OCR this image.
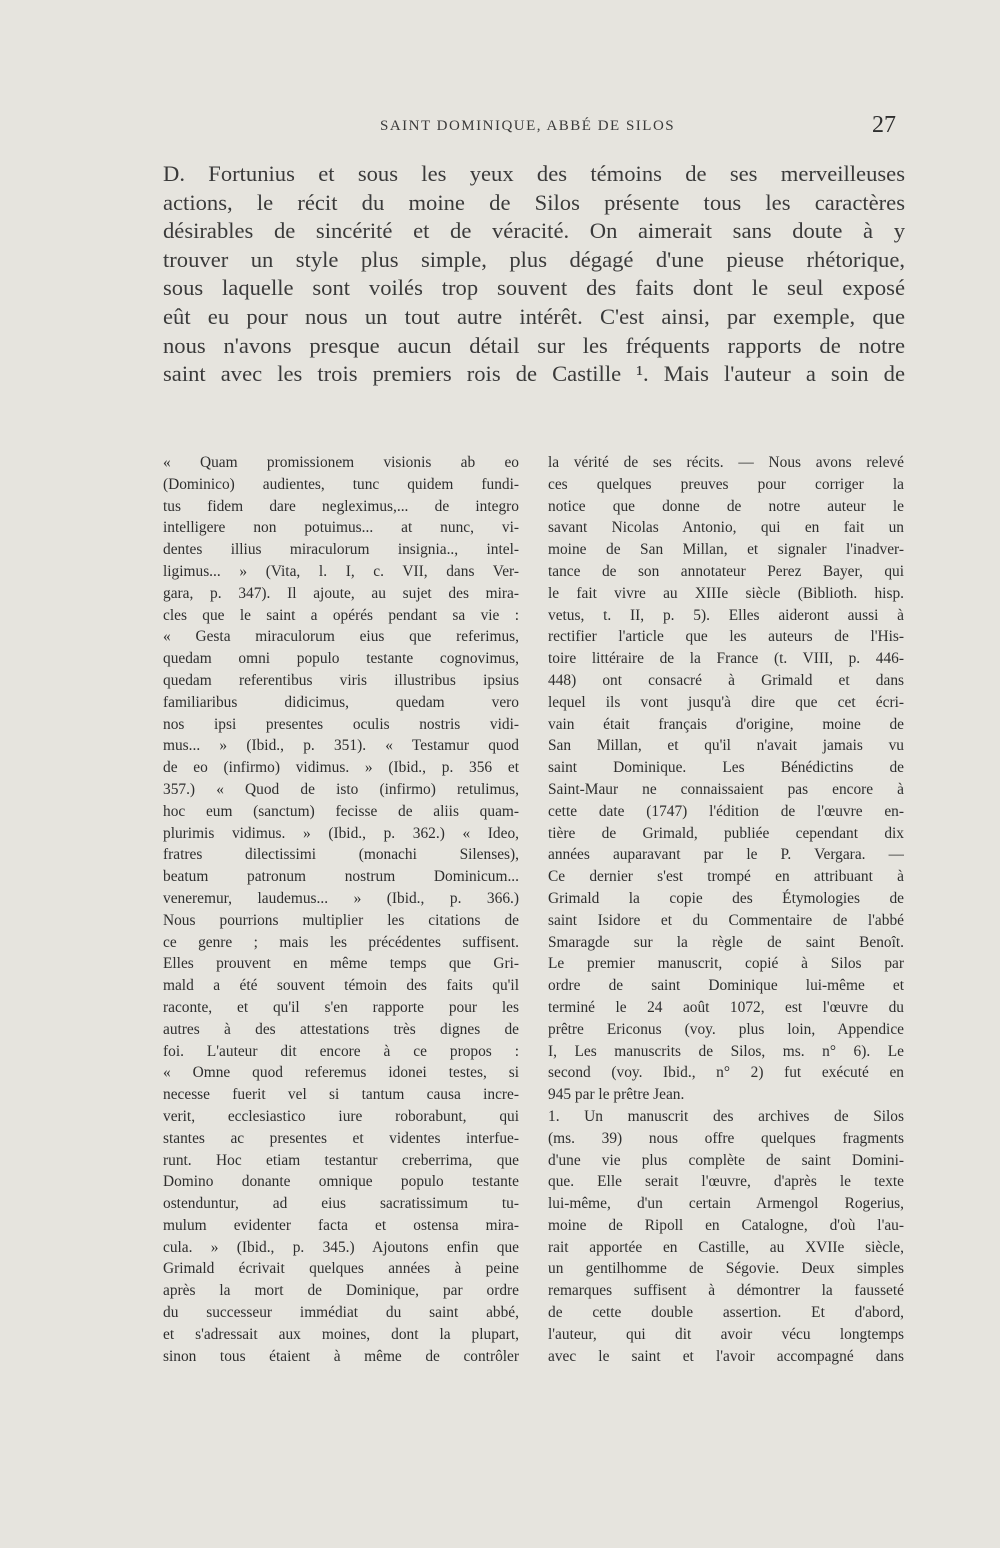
SAINT DOMINIQUE, ABBÉ DE SILOS	27
D. Fortunius et sous les yeux des témoins de ses merveilleuses
actions, le récit du moine de Silos présente tous les caractères
désirables de sincérité et de véracité. On aimerait sans doute à y
trouver un style plus simple, plus dégagé d'une pieuse rhétorique,
sous laquelle sont voilés trop souvent des faits dont le seul exposé
eût eu pour nous un tout autre intérêt. C'est ainsi, par exemple, que
nous n'avons presque aucun détail sur les fréquents rapports de notre
saint avec les trois premiers rois de Castille ¹. Mais l'auteur a soin de
« Quam promissionem visionis ab eo
(Dominico) audientes, tunc quidem fundi-
tus fidem dare negleximus,... de integro
intelligere non potuimus... at nunc, vi-
dentes illius miraculorum insignia.., intel-
ligimus... » (Vita, l. I, c. VII, dans Ver-
gara, p. 347). Il ajoute, au sujet des mira-
cles que le saint a opérés pendant sa vie :
« Gesta miraculorum eius que referimus,
quedam omni populo testante cognovimus,
quedam referentibus viris illustribus ipsius
familiaribus didicimus, quedam vero
nos ipsi presentes oculis nostris vidi-
mus... » (Ibid., p. 351). « Testamur quod
de eo (infirmo) vidimus. » (Ibid., p. 356 et
357.) « Quod de isto (infirmo) retulimus,
hoc eum (sanctum) fecisse de aliis quam-
plurimis vidimus. » (Ibid., p. 362.) « Ideo,
fratres dilectissimi (monachi Silenses),
beatum patronum nostrum Dominicum...
veneremur, laudemus... » (Ibid., p. 366.)
Nous pourrions multiplier les citations de
ce genre ; mais les précédentes suffisent.
Elles prouvent en même temps que Gri-
mald a été souvent témoin des faits qu'il
raconte, et qu'il s'en rapporte pour les
autres à des attestations très dignes de
foi. L'auteur dit encore à ce propos :
« Omne quod referemus idonei testes, si
necesse fuerit vel si tantum causa incre-
verit, ecclesiastico iure roborabunt, qui
stantes ac presentes et videntes interfue-
runt. Hoc etiam testantur creberrima, que
Domino donante omnique populo testante
ostenduntur, ad eius sacratissimum tu-
mulum evidenter facta et ostensa mira-
cula. » (Ibid., p. 345.) Ajoutons enfin que
Grimald écrivait quelques années à peine
après la mort de Dominique, par ordre
du successeur immédiat du saint abbé,
et s'adressait aux moines, dont la plupart,
sinon tous étaient à même de contrôler
la vérité de ses récits. — Nous avons relevé
ces quelques preuves pour corriger la
notice que donne de notre auteur le
savant Nicolas Antonio, qui en fait un
moine de San Millan, et signaler l'inadver-
tance de son annotateur Perez Bayer, qui
le fait vivre au XIIIe siècle (Biblioth. hisp.
vetus, t. II, p. 5). Elles aideront aussi à
rectifier l'article que les auteurs de l'His-
toire littéraire de la France (t. VIII, p. 446-
448) ont consacré à Grimald et dans
lequel ils vont jusqu'à dire que cet écri-
vain était français d'origine, moine de
San Millan, et qu'il n'avait jamais vu
saint Dominique. Les Bénédictins de
Saint-Maur ne connaissaient pas encore à
cette date (1747) l'édition de l'œuvre en-
tière de Grimald, publiée cependant dix
années auparavant par le P. Vergara. —
Ce dernier s'est trompé en attribuant à
Grimald la copie des Étymologies de
saint Isidore et du Commentaire de l'abbé
Smaragde sur la règle de saint Benoît.
Le premier manuscrit, copié à Silos par
ordre de saint Dominique lui-même et
terminé le 24 août 1072, est l'œuvre du
prêtre Ericonus (voy. plus loin, Appendice
I, Les manuscrits de Silos, ms. n° 6). Le
second (voy. Ibid., n° 2) fut exécuté en
945 par le prêtre Jean.
1. Un manuscrit des archives de Silos
(ms. 39) nous offre quelques fragments
d'une vie plus complète de saint Domini-
que. Elle serait l'œuvre, d'après le texte
lui-même, d'un certain Armengol Rogerius,
moine de Ripoll en Catalogne, d'où l'au-
rait apportée en Castille, au XVIIe siècle,
un gentilhomme de Ségovie. Deux simples
remarques suffisent à démontrer la fausseté
de cette double assertion. Et d'abord,
l'auteur, qui dit avoir vécu longtemps
avec le saint et l'avoir accompagné dans
